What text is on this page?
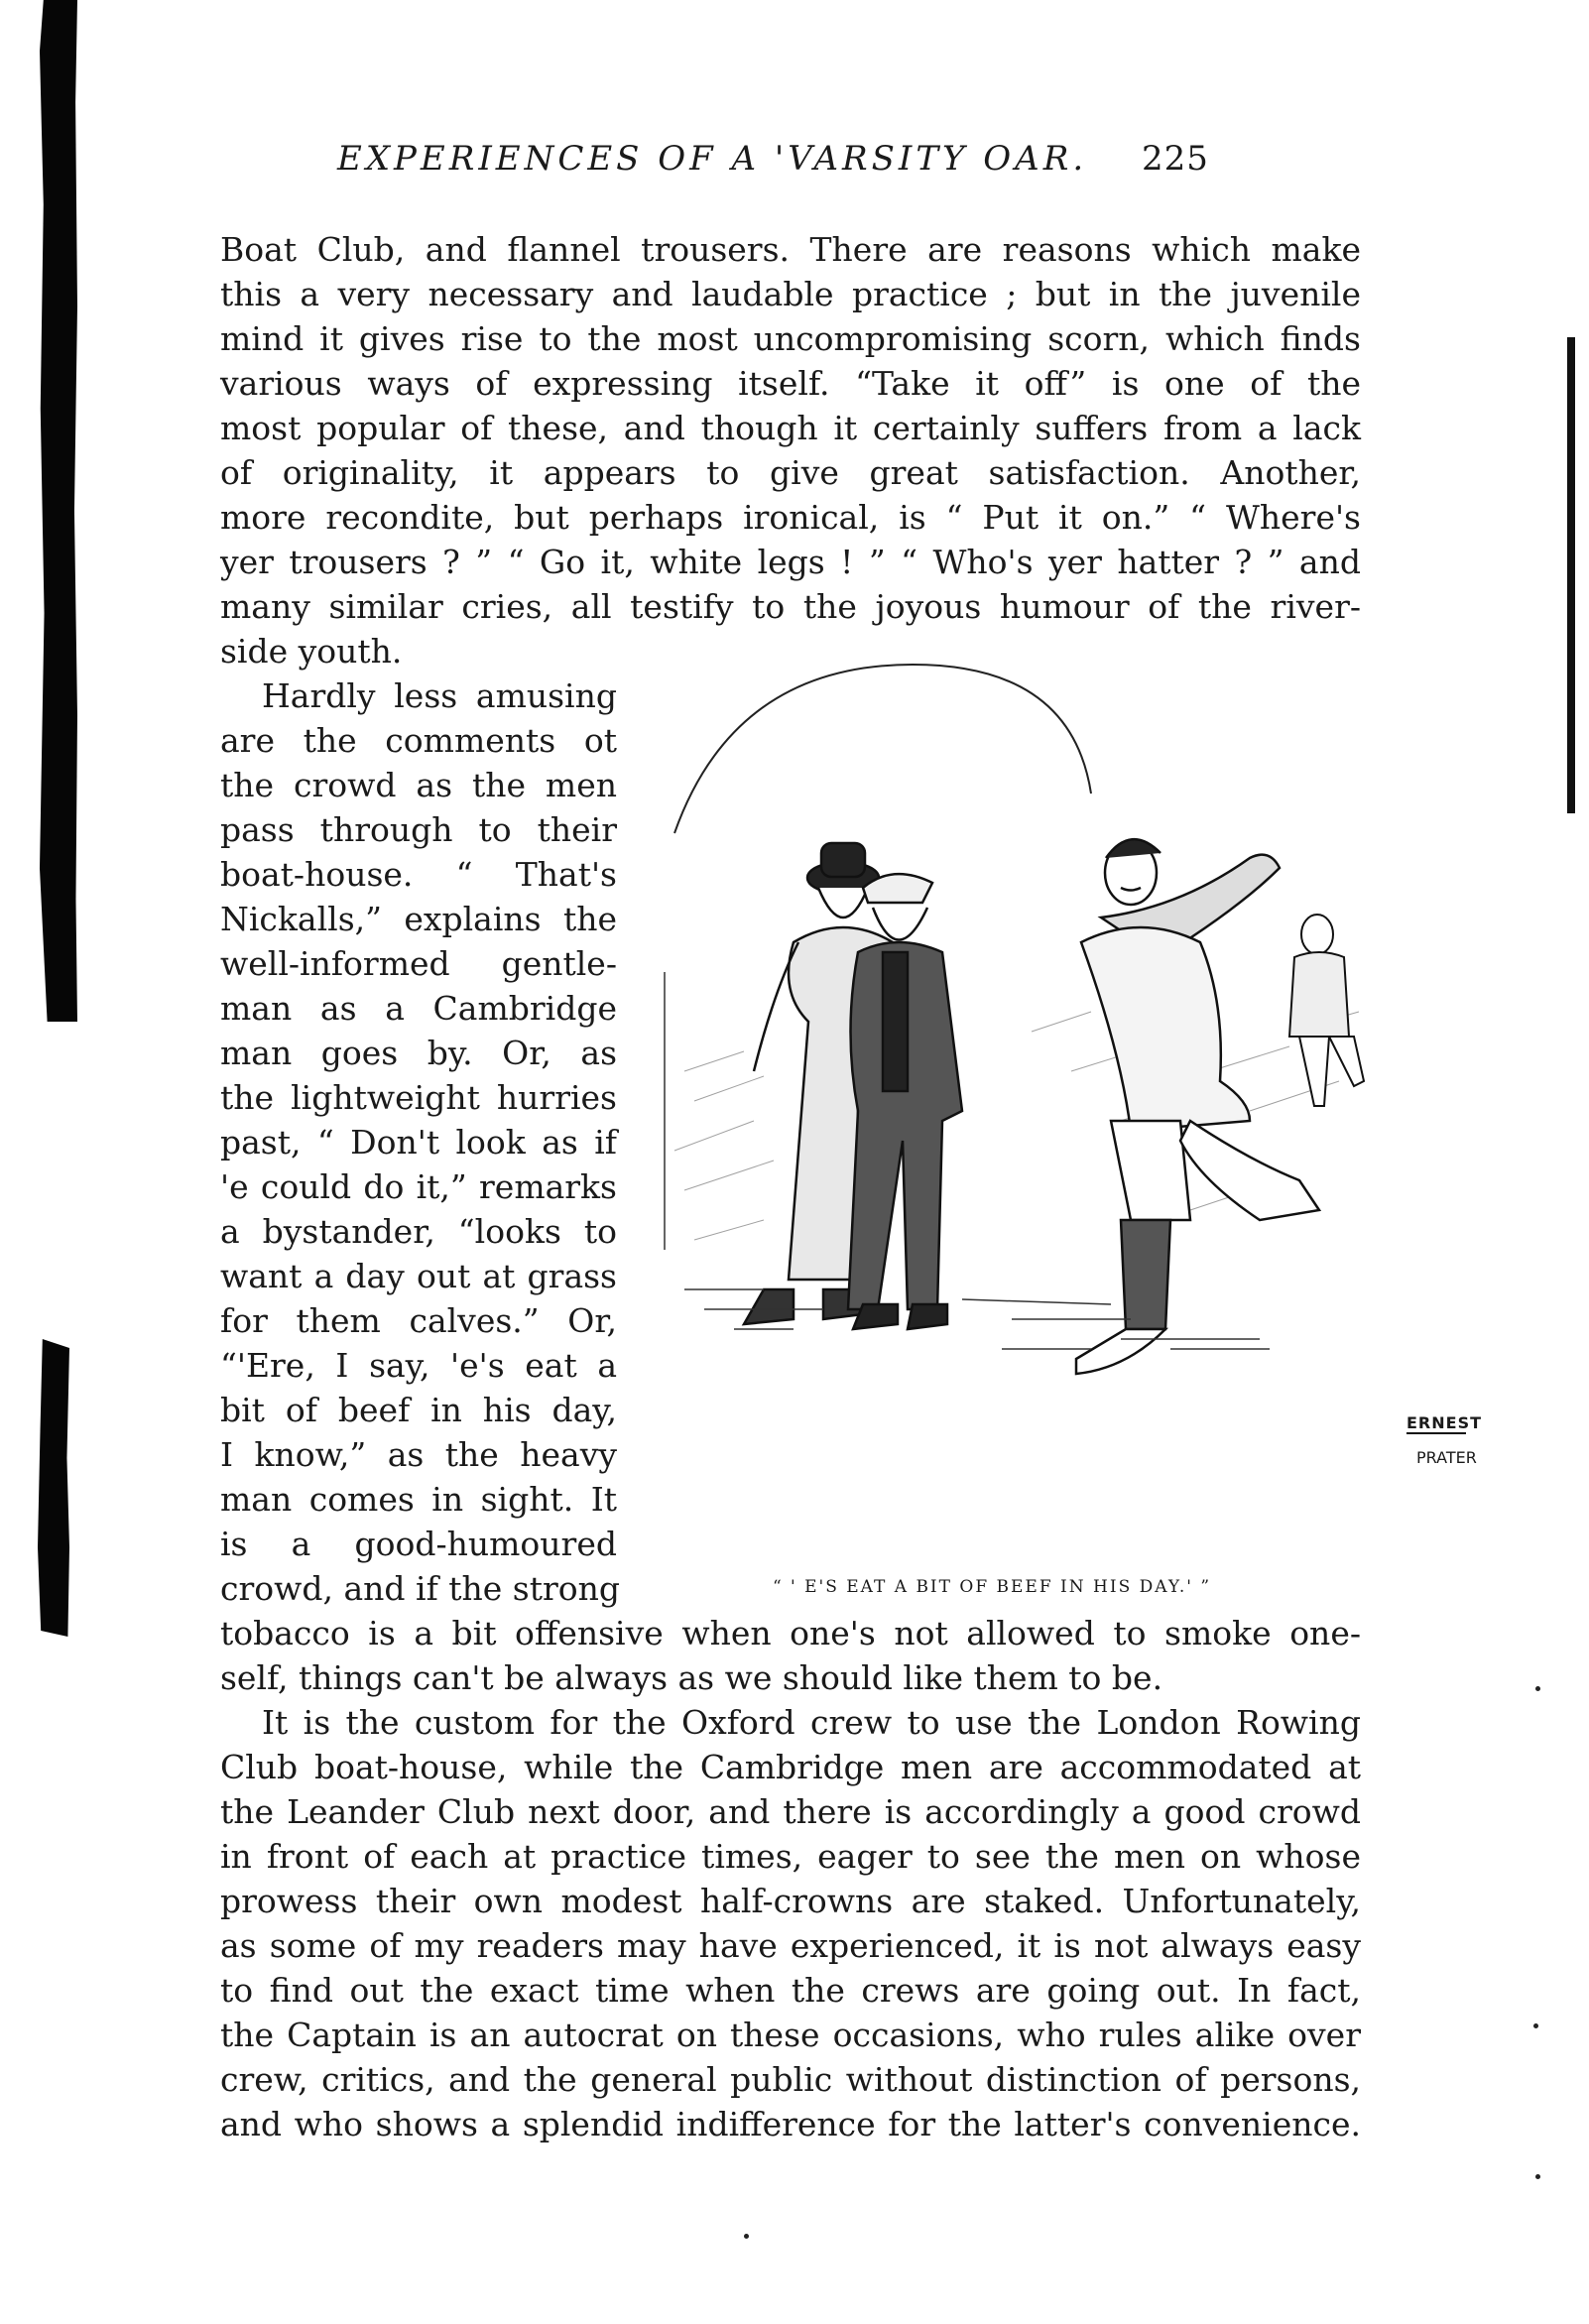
EXPERIENCES OF A 'VARSITY OAR. 225
Boat Club, and flannel trousers. There are reasons which make
this a very necessary and laudable practice ; but in the juvenile
mind it gives rise to the most uncompromising scorn, which finds
various ways of expressing itself. “Take it off” is one of the
most popular of these, and though it certainly suffers from a lack
of originality, it appears to give great satisfaction. Another,
more recondite, but perhaps ironical, is “ Put it on.” “ Where's
yer trousers ? ” “ Go it, white legs ! ” “ Who's yer hatter ? ” and
many similar cries, all testify to the joyous humour of the river-
side youth.
Hardly less amusing
are the comments ot
the crowd as the men
pass through to their
boat-house. “ That's
Nickalls,” explains the
well-informed gentle-
man as a Cambridge
man goes by. Or, as
the lightweight hurries
past, “ Don't look as if
'e could do it,” remarks
a bystander, “looks to
want a day out at grass
for them calves.” Or,
“'Ere, I say, 'e's eat a
bit of beef in his day,
I know,” as the heavy
man comes in sight. It
is a good-humoured
crowd, and if the strong
tobacco is a bit offensive when one's not allowed to smoke one-
self, things can't be always as we should like them to be.
It is the custom for the Oxford crew to use the London Rowing
Club boat-house, while the Cambridge men are accommodated at
the Leander Club next door, and there is accordingly a good crowd
in front of each at practice times, eager to see the men on whose
prowess their own modest half-crowns are staked. Unfortunately,
as some of my readers may have experienced, it is not always easy
to find out the exact time when the crews are going out. In fact,
the Captain is an autocrat on these occasions, who rules alike over
crew, critics, and the general public without distinction of persons,
and who shows a splendid indifference for the latter's convenience.
ERNEST
PRATER
“ ' E'S EAT A BIT OF BEEF IN HIS DAY.' ”
